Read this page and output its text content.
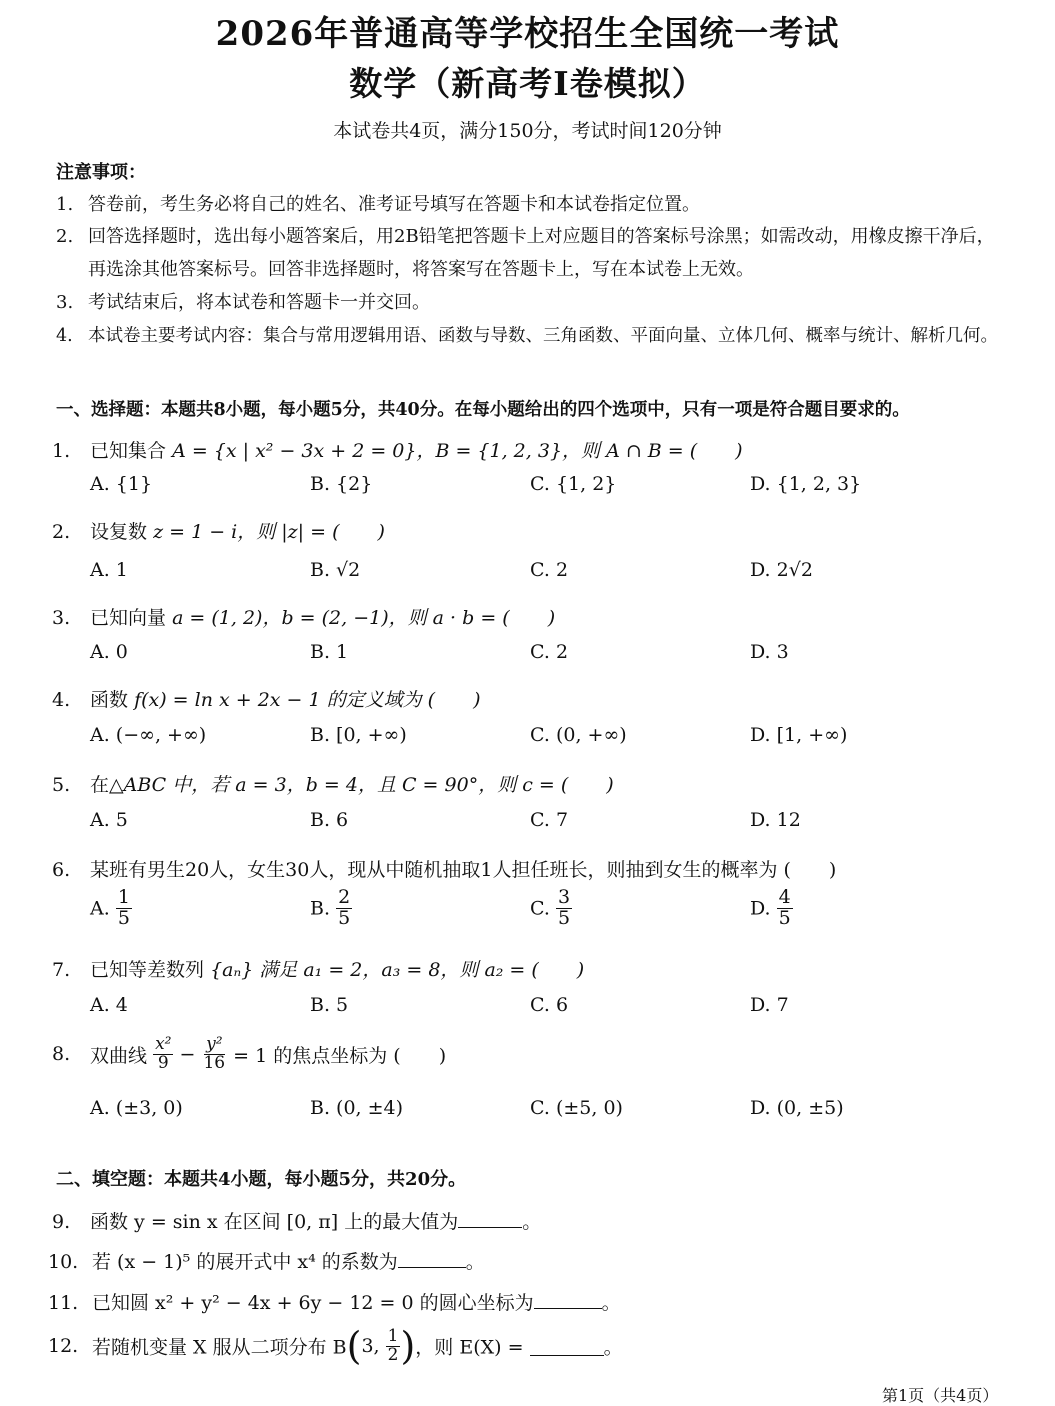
2026年普通高等学校招生全国统一考试
数学（新高考I卷模拟）
本试卷共4页，满分150分，考试时间120分钟
注意事项：
1. 答卷前，考生务必将自己的姓名、准考证号填写在答题卡和本试卷指定位置。
2. 回答选择题时，选出每小题答案后，用2B铅笔把答题卡上对应题目的答案标号涂黑；如需改动，用橡皮擦干净后，
再选涂其他答案标号。回答非选择题时，将答案写在答题卡上，写在本试卷上无效。
3. 考试结束后，将本试卷和答题卡一并交回。
4. 本试卷主要考试内容：集合与常用逻辑用语、函数与导数、三角函数、平面向量、立体几何、概率与统计、解析几何。
一、选择题：本题共8小题，每小题5分，共40分。在每小题给出的四个选项中，只有一项是符合题目要求的。
1. 已知集合 A = {x | x² − 3x + 2 = 0}，B = {1, 2, 3}，则 A ∩ B = (　　)
A. {1}	B. {2}	C. {1, 2}	D. {1, 2, 3}
2. 设复数 z = 1 − i，则 |z| = (　　)
A. 1	B. √2	C. 2	D. 2√2
3. 已知向量 a = (1, 2)，b = (2, −1)，则 a · b = (　　)
A. 0	B. 1	C. 2	D. 3
4. 函数 f(x) = ln x + 2x − 1 的定义域为 (　　)
A. (−∞, +∞)	B. [0, +∞)	C. (0, +∞)	D. [1, +∞)
5. 在△ABC 中，若 a = 3，b = 4，且 C = 90°，则 c = (　　)
A. 5	B. 6	C. 7	D. 12
6. 某班有男生20人，女生30人，现从中随机抽取1人担任班长，则抽到女生的概率为 (　　)
A. $\frac{1}{5}$	B. $\frac{2}{5}$	C. $\frac{3}{5}$	D. $\frac{4}{5}$
7. 已知等差数列 {aₙ} 满足 a₁ = 2，a₃ = 8，则 a₂ = (　　)
A. 4	B. 5	C. 6	D. 7
8. 双曲线 $\frac{\text{x²}}{9} - \frac{\text{y²}}{16} = 1$ 的焦点坐标为 (　　)
A. (±3, 0)	B. (0, ±4)	C. (±5, 0)	D. (0, ±5)
二、填空题：本题共4小题，每小题5分，共20分。
9. 函数 y = sin x 在区间 [0, π] 上的最大值为	。
10. 若 (x − 1)⁵ 的展开式中 x⁴ 的系数为	。
11. 已知圆 x² + y² − 4x + 6y − 12 = 0 的圆心坐标为	。
12. 若随机变量 X 服从二项分布 B(3, $\frac{1}{2}$ )，则 E(X) =	。
第1页（共4页）
